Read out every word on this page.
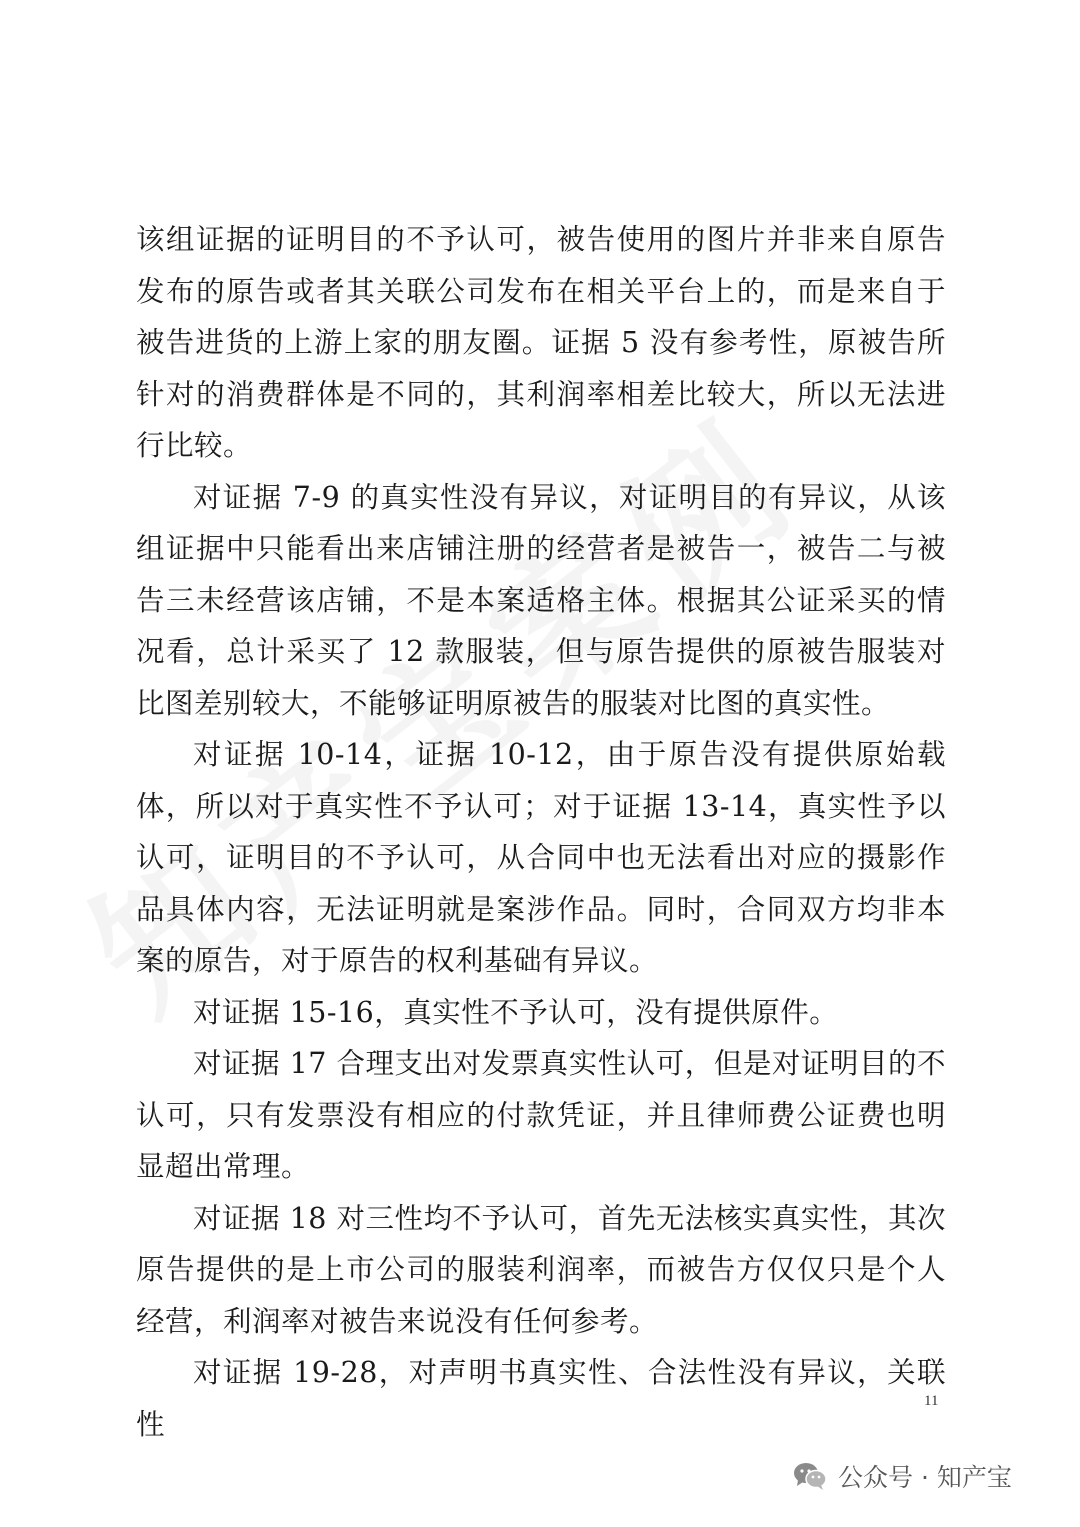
该组证据的证明目的不予认可，被告使用的图片并非来自原告发布的原告或者其关联公司发布在相关平台上的，而是来自于被告进货的上游上家的朋友圈。证据 5 没有参考性，原被告所针对的消费群体是不同的，其利润率相差比较大，所以无法进行比较。

对证据 7-9 的真实性没有异议，对证明目的有异议，从该组证据中只能看出来店铺注册的经营者是被告一，被告二与被告三未经营该店铺，不是本案适格主体。根据其公证采买的情况看，总计采买了 12 款服装，但与原告提供的原被告服装对比图差别较大，不能够证明原被告的服装对比图的真实性。

对证据 10-14，证据 10-12，由于原告没有提供原始载体，所以对于真实性不予认可；对于证据 13-14，真实性予以认可，证明目的不予认可，从合同中也无法看出对应的摄影作品具体内容，无法证明就是案涉作品。同时，合同双方均非本案的原告，对于原告的权利基础有异议。

对证据 15-16，真实性不予认可，没有提供原件。

对证据 17 合理支出对发票真实性认可，但是对证明目的不认可，只有发票没有相应的付款凭证，并且律师费公证费也明显超出常理。

对证据 18 对三性均不予认可，首先无法核实真实性，其次原告提供的是上市公司的服装利润率，而被告方仅仅只是个人经营，利润率对被告来说没有任何参考。

对证据 19-28，对声明书真实性、合法性没有异议，关联性

11
公众号 · 知产宝
